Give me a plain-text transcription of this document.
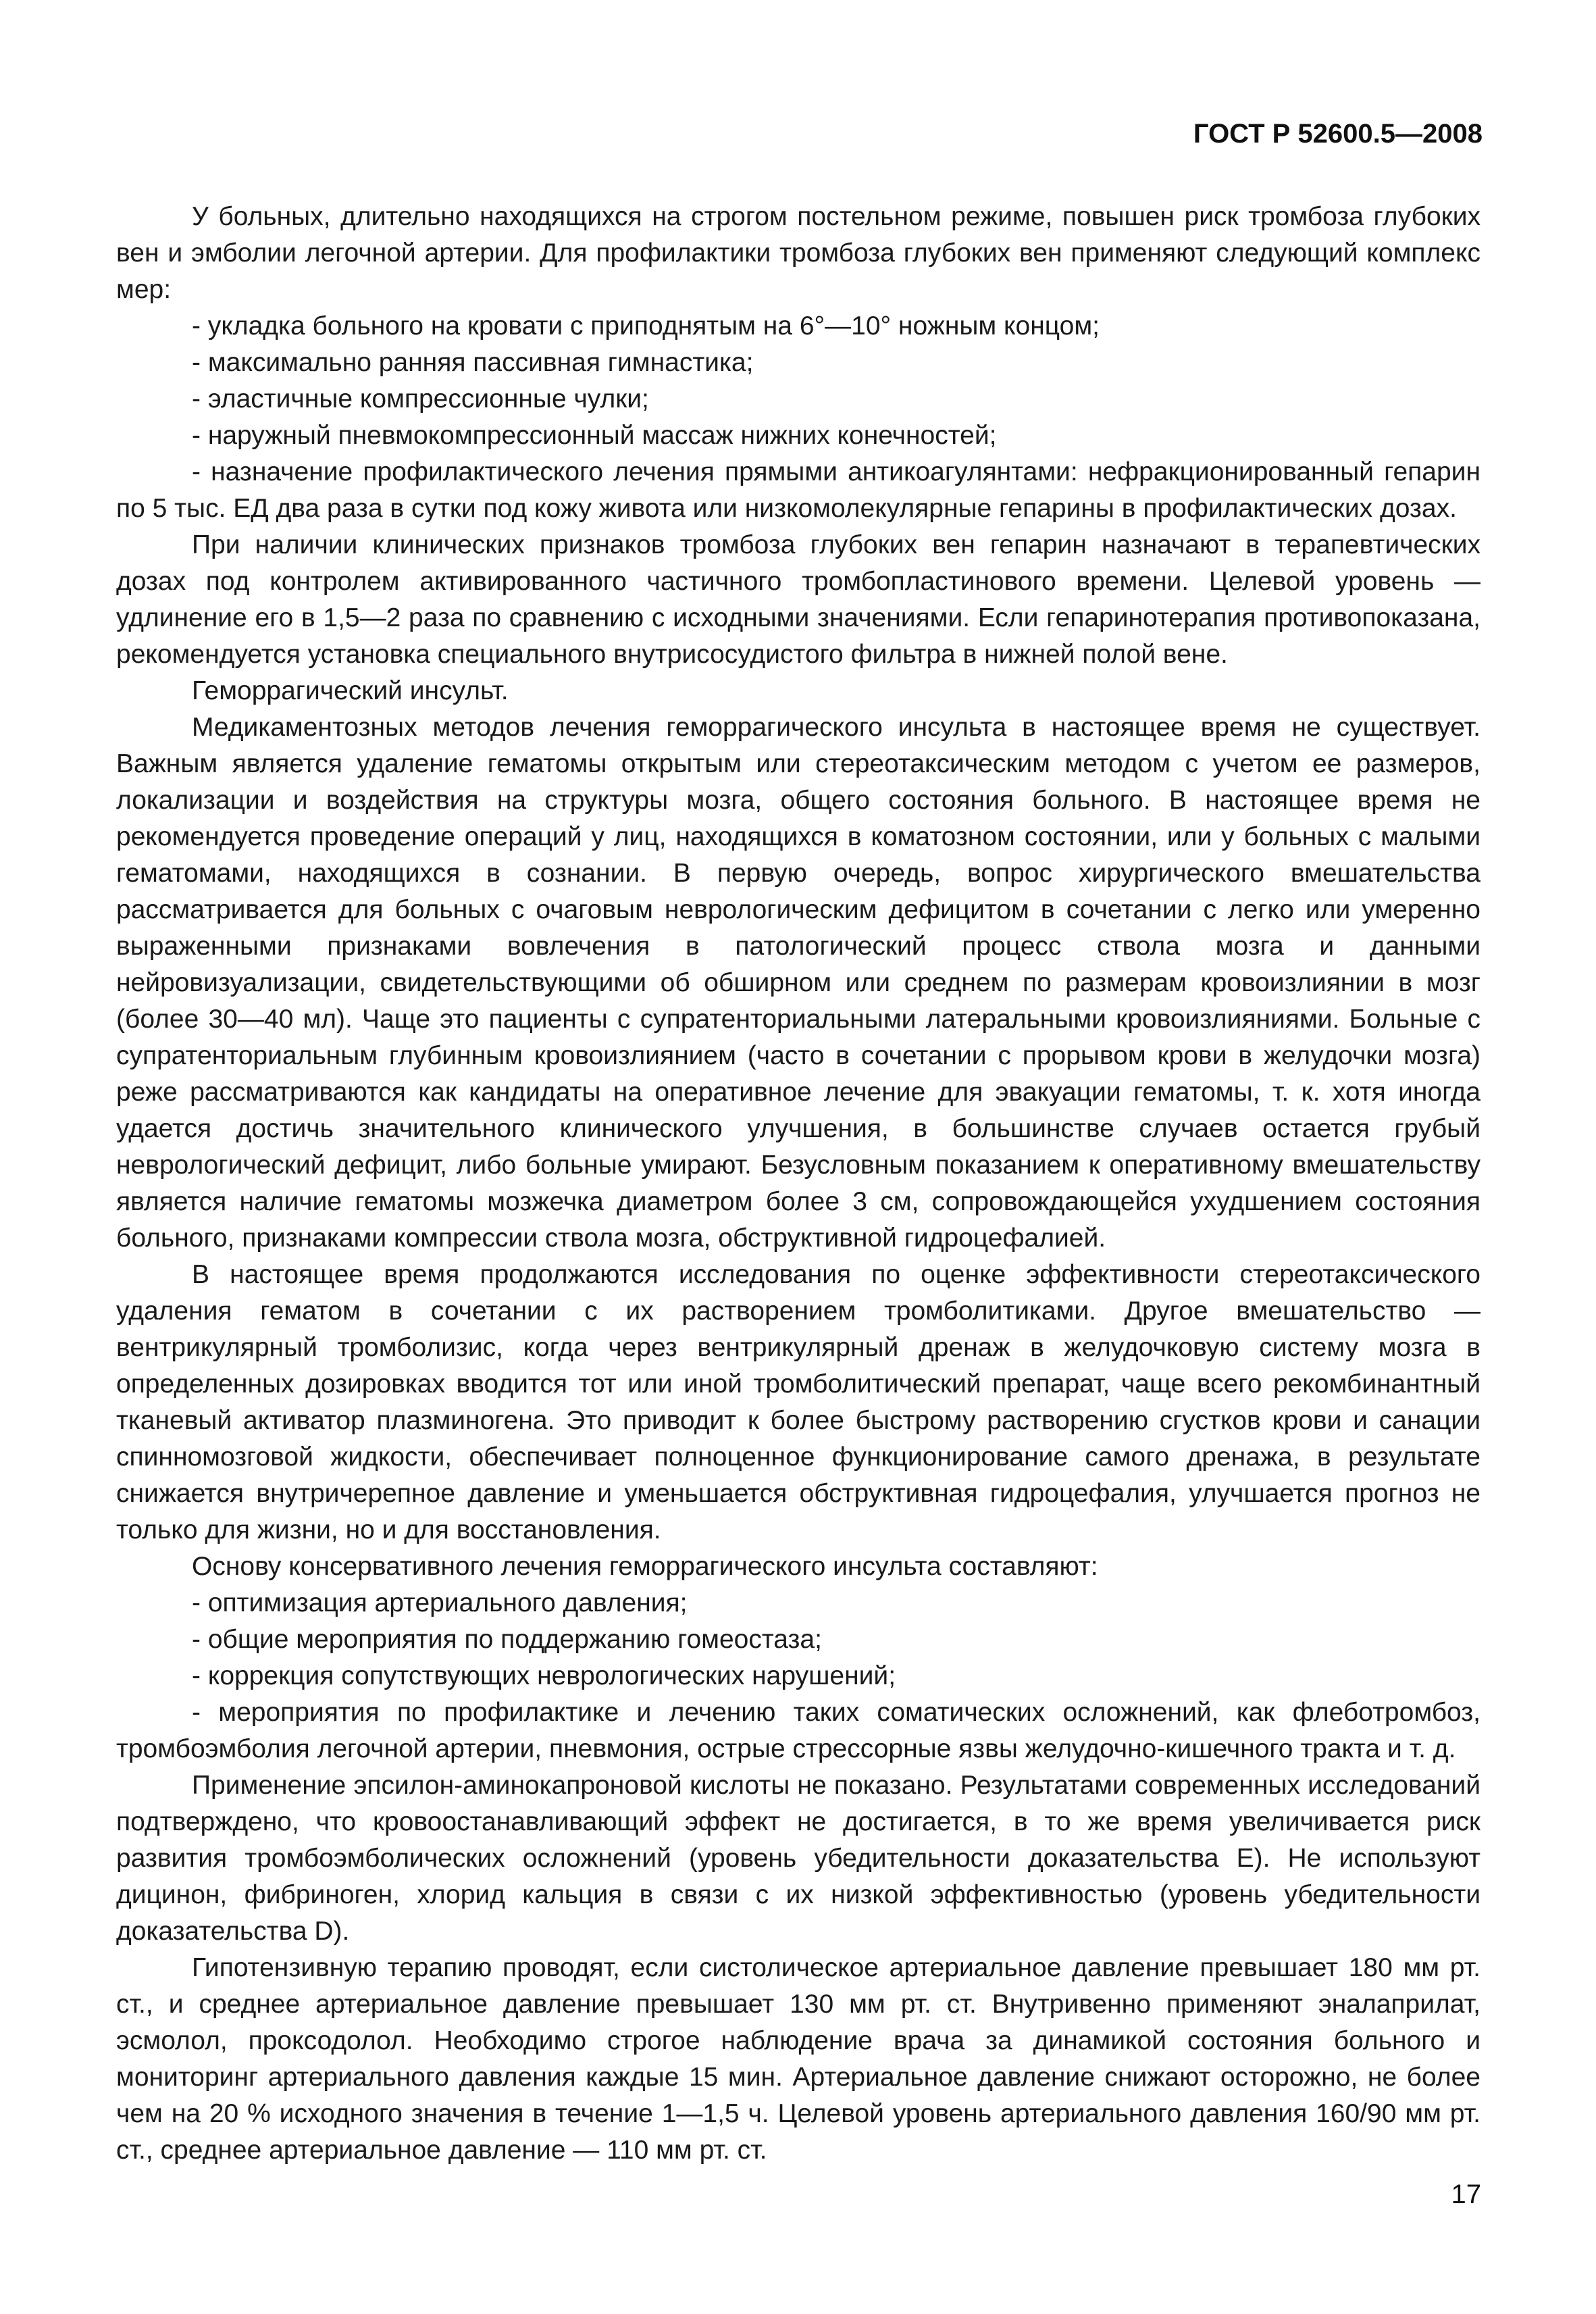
ГОСТ Р 52600.5—2008

У больных, длительно находящихся на строгом постельном режиме, повышен риск тромбоза глубоких вен и эмболии легочной артерии. Для профилактики тромбоза глубоких вен применяют следующий комплекс мер:

- укладка больного на кровати с приподнятым на 6°—10° ножным концом;

- максимально ранняя пассивная гимнастика;

- эластичные компрессионные чулки;

- наружный пневмокомпрессионный массаж нижних конечностей;

- назначение профилактического лечения прямыми антикоагулянтами: нефракционированный гепарин по 5 тыс. ЕД два раза в сутки под кожу живота или низкомолекулярные гепарины в профилактических дозах.

При наличии клинических признаков тромбоза глубоких вен гепарин назначают в терапевтических дозах под контролем активированного частичного тромбопластинового времени. Целевой уровень — удлинение его в 1,5—2 раза по сравнению с исходными значениями. Если гепаринотерапия противопоказана, рекомендуется установка специального внутрисосудистого фильтра в нижней полой вене.

Геморрагический инсульт.

Медикаментозных методов лечения геморрагического инсульта в настоящее время не существует. Важным является удаление гематомы открытым или стереотаксическим методом с учетом ее размеров, локализации и воздействия на структуры мозга, общего состояния больного. В настоящее время не рекомендуется проведение операций у лиц, находящихся в коматозном состоянии, или у больных с малыми гематомами, находящихся в сознании. В первую очередь, вопрос хирургического вмешательства рассматривается для больных с очаговым неврологическим дефицитом в сочетании с легко или умеренно выраженными признаками вовлечения в патологический процесс ствола мозга и данными нейровизуализации, свидетельствующими об обширном или среднем по размерам кровоизлиянии в мозг (более 30—40 мл). Чаще это пациенты с супратенториальными латеральными кровоизлияниями. Больные с супратенториальным глубинным кровоизлиянием (часто в сочетании с прорывом крови в желудочки мозга) реже рассматриваются как кандидаты на оперативное лечение для эвакуации гематомы, т. к. хотя иногда удается достичь значительного клинического улучшения, в большинстве случаев остается грубый неврологический дефицит, либо больные умирают. Безусловным показанием к оперативному вмешательству является наличие гематомы мозжечка диаметром более 3 см, сопровождающейся ухудшением состояния больного, признаками компрессии ствола мозга, обструктивной гидроцефалией.

В настоящее время продолжаются исследования по оценке эффективности стереотаксического удаления гематом в сочетании с их растворением тромболитиками. Другое вмешательство — вентрикулярный тромболизис, когда через вентрикулярный дренаж в желудочковую систему мозга в определенных дозировках вводится тот или иной тромболитический препарат, чаще всего рекомбинантный тканевый активатор плазминогена. Это приводит к более быстрому растворению сгустков крови и санации спинномозговой жидкости, обеспечивает полноценное функционирование самого дренажа, в результате снижается внутричерепное давление и уменьшается обструктивная гидроцефалия, улучшается прогноз не только для жизни, но и для восстановления.

Основу консервативного лечения геморрагического инсульта составляют:

- оптимизация артериального давления;

- общие мероприятия по поддержанию гомеостаза;

- коррекция сопутствующих неврологических нарушений;

- мероприятия по профилактике и лечению таких соматических осложнений, как флеботромбоз, тромбоэмболия легочной артерии, пневмония, острые стрессорные язвы желудочно-кишечного тракта и т. д.

Применение эпсилон-аминокапроновой кислоты не показано. Результатами современных исследований подтверждено, что кровоостанавливающий эффект не достигается, в то же время увеличивается риск развития тромбоэмболических осложнений (уровень убедительности доказательства E). Не используют дицинон, фибриноген, хлорид кальция в связи с их низкой эффективностью (уровень убедительности доказательства D).

Гипотензивную терапию проводят, если систолическое артериальное давление превышает 180 мм рт. ст., и среднее артериальное давление превышает 130 мм рт. ст. Внутривенно применяют эналаприлат, эсмолол, проксодолол. Необходимо строгое наблюдение врача за динамикой состояния больного и мониторинг артериального давления каждые 15 мин. Артериальное давление снижают осторожно, не более чем на 20 % исходного значения в течение 1—1,5 ч. Целевой уровень артериального давления 160/90 мм рт. ст., среднее артериальное давление — 110 мм рт. ст.

17
